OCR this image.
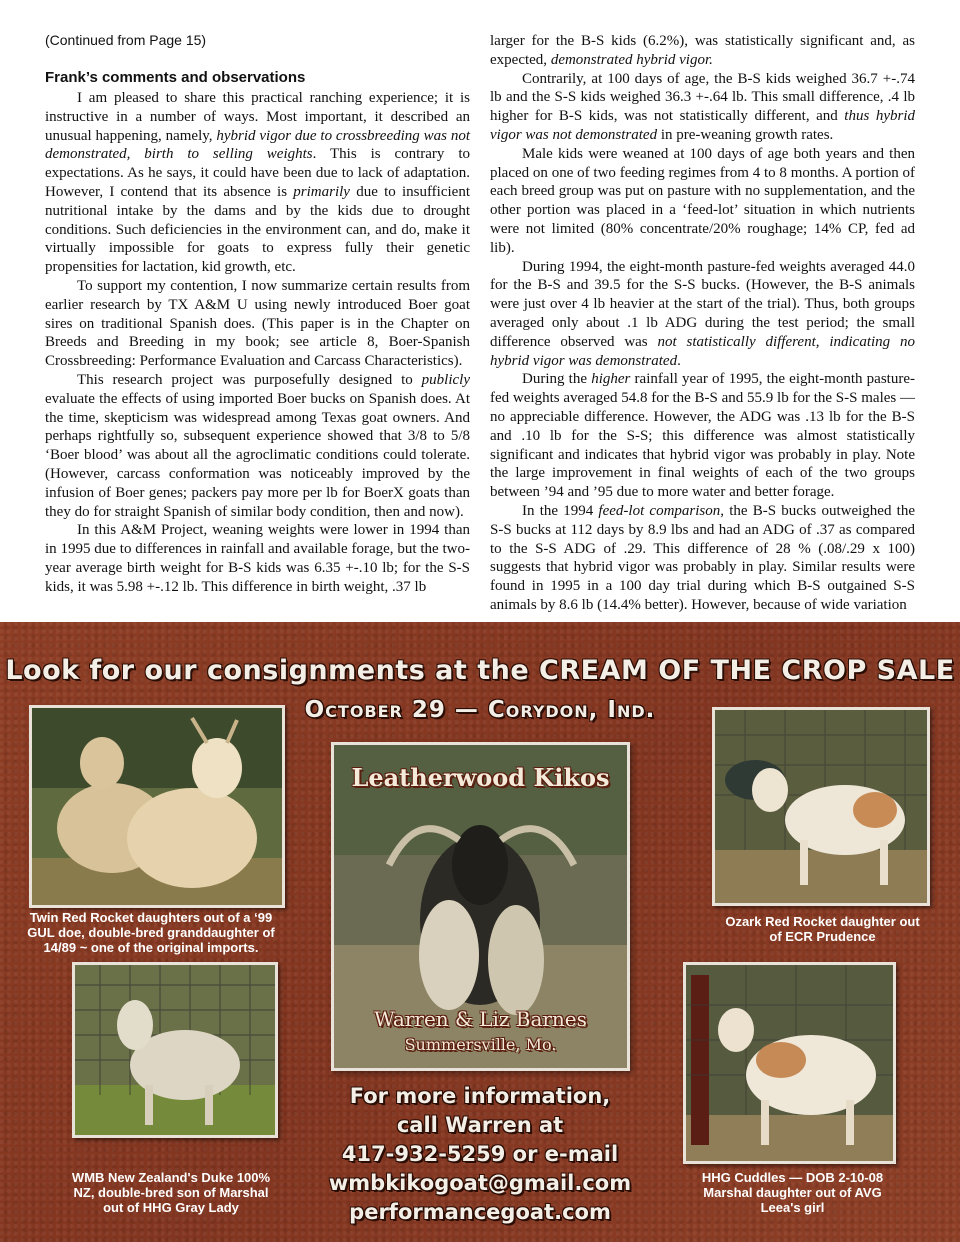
(Continued from Page 15)
Frank’s comments and observations

I am pleased to share this practical ranching experience; it is instructive in a number of ways. Most important, it described an unusual happening, namely, hybrid vigor due to crossbreeding was not demonstrated, birth to selling weights. This is contrary to expectations. As he says, it could have been due to lack of adaptation. However, I contend that its absence is primarily due to insufficient nutritional intake by the dams and by the kids due to drought conditions. Such deficiencies in the environment can, and do, make it virtually impossible for goats to express fully their genetic propensities for lactation, kid growth, etc.

To support my contention, I now summarize certain results from earlier research by TX A&M U using newly introduced Boer goat sires on traditional Spanish does. (This paper is in the Chapter on Breeds and Breeding in my book; see article 8, Boer-Spanish Crossbreeding: Performance Evaluation and Carcass Characteristics).

This research project was purposefully designed to publicly evaluate the effects of using imported Boer bucks on Spanish does. At the time, skepticism was widespread among Texas goat owners. And perhaps rightfully so, subsequent experience showed that 3/8 to 5/8 ‘Boer blood’ was about all the agroclimatic conditions could tolerate. (However, carcass conformation was noticeably improved by the infusion of Boer genes; packers pay more per lb for BoerX goats than they do for straight Spanish of similar body condition, then and now).

In this A&M Project, weaning weights were lower in 1994 than in 1995 due to differences in rainfall and available forage, but the two-year average birth weight for B-S kids was 6.35 +-.10 lb; for the S-S kids, it was 5.98 +-.12 lb. This difference in birth weight, .37 lb

larger for the B-S kids (6.2%), was statistically significant and, as expected, demonstrated hybrid vigor.

Contrarily, at 100 days of age, the B-S kids weighed 36.7 +-.74 lb and the S-S kids weighed 36.3 +-.64 lb. This small difference, .4 lb higher for B-S kids, was not statistically different, and thus hybrid vigor was not demonstrated in pre-weaning growth rates.

Male kids were weaned at 100 days of age both years and then placed on one of two feeding regimes from 4 to 8 months. A portion of each breed group was put on pasture with no supplementation, and the other portion was placed in a ‘feed-lot’ situation in which nutrients were not limited (80% concentrate/20% roughage; 14% CP, fed ad lib).

During 1994, the eight-month pasture-fed weights averaged 44.0 for the B-S and 39.5 for the S-S bucks. (However, the B-S animals were just over 4 lb heavier at the start of the trial). Thus, both groups averaged only about .1 lb ADG during the test period; the small difference observed was not statistically different, indicating no hybrid vigor was demonstrated.

During the higher rainfall year of 1995, the eight-month pasture-fed weights averaged 54.8 for the B-S and 55.9 lb for the S-S males — no appreciable difference. However, the ADG was .13 lb for the B-S and .10 lb for the S-S; this difference was almost statistically significant and indicates that hybrid vigor was probably in play. Note the large improvement in final weights of each of the two groups between ’94 and ’95 due to more water and better forage.

In the 1994 feed-lot comparison, the B-S bucks outweighed the S-S bucks at 112 days by 8.9 lbs and had an ADG of .37 as compared to the S-S ADG of .29. This difference of 28 % (.08/.29 x 100) suggests that hybrid vigor was probably in play. Similar results were found in 1995 in a 100 day trial during which B-S outgained S-S animals by 8.6 lb (14.4% better). However, because of wide variation

Look for our consignments at the CREAM OF THE CROP SALE
October 29 — Corydon, Ind.
Twin Red Rocket daughters out of a ‘99 GUL doe, double-bred granddaughter of 14/89 ~ one of the original imports.
WMB New Zealand's Duke 100% NZ, double-bred son of Marshal out of HHG Gray Lady
Leatherwood Kikos
Warren & Liz Barnes
Summersville, Mo.
For more information,
call Warren at
417-932-5259 or e-mail
wmbkikogoat@gmail.com
performancegoat.com
Ozark Red Rocket daughter out of ECR Prudence
HHG Cuddles — DOB 2-10-08 Marshal daughter out of AVG Leea's girl
